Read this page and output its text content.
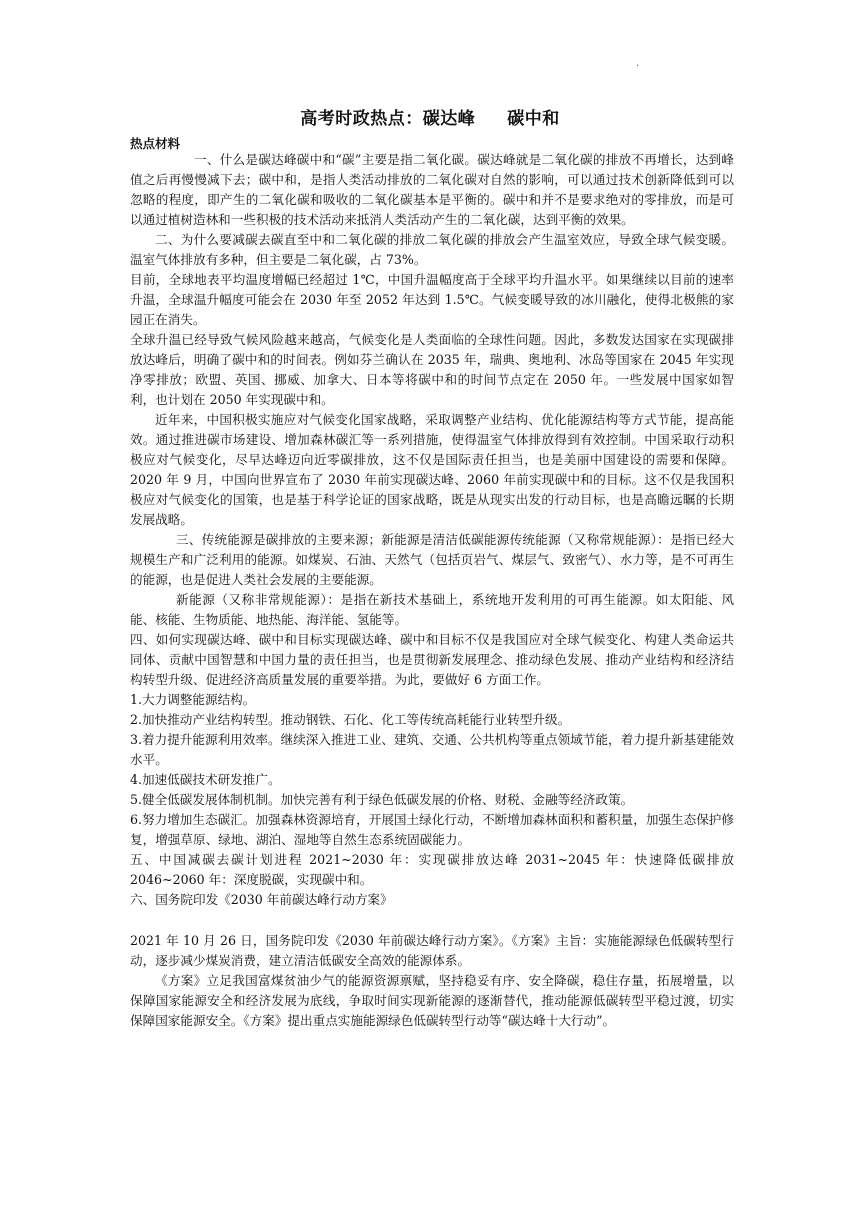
.
高考时政热点：碳达峰 碳中和
热点材料

一、什么是碳达峰碳中和“碳”主要是指二氧化碳。碳达峰就是二氧化碳的排放不再增长，达到峰值之后再慢慢减下去；碳中和，是指人类活动排放的二氧化碳对自然的影响，可以通过技术创新降低到可以忽略的程度，即产生的二氧化碳和吸收的二氧化碳基本是平衡的。碳中和并不是要求绝对的零排放，而是可以通过植树造林和一些积极的技术活动来抵消人类活动产生的二氧化碳，达到平衡的效果。

二、为什么要减碳去碳直至中和二氧化碳的排放二氧化碳的排放会产生温室效应，导致全球气候变暖。温室气体排放有多种，但主要是二氧化碳，占 73%。

目前，全球地表平均温度增幅已经超过 1℃，中国升温幅度高于全球平均升温水平。如果继续以目前的速率升温，全球温升幅度可能会在 2030 年至 2052 年达到 1.5℃。气候变暖导致的冰川融化，使得北极熊的家园正在消失。

全球升温已经导致气候风险越来越高，气候变化是人类面临的全球性问题。因此，多数发达国家在实现碳排放达峰后，明确了碳中和的时间表。例如芬兰确认在 2035 年，瑞典、奥地利、冰岛等国家在 2045 年实现净零排放；欧盟、英国、挪威、加拿大、日本等将碳中和的时间节点定在 2050 年。一些发展中国家如智利，也计划在 2050 年实现碳中和。

近年来，中国积极实施应对气候变化国家战略，采取调整产业结构、优化能源结构等方式节能，提高能效。通过推进碳市场建设、增加森林碳汇等一系列措施，使得温室气体排放得到有效控制。中国采取行动积极应对气候变化，尽早达峰迈向近零碳排放，这不仅是国际责任担当，也是美丽中国建设的需要和保障。2020 年 9 月，中国向世界宣布了 2030 年前实现碳达峰、2060 年前实现碳中和的目标。这不仅是我国积极应对气候变化的国策，也是基于科学论证的国家战略，既是从现实出发的行动目标，也是高瞻远瞩的长期发展战略。

三、传统能源是碳排放的主要来源；新能源是清洁低碳能源传统能源（又称常规能源）：是指已经大规模生产和广泛利用的能源。如煤炭、石油、天然气（包括页岩气、煤层气、致密气）、水力等，是不可再生的能源，也是促进人类社会发展的主要能源。

新能源（又称非常规能源）：是指在新技术基础上，系统地开发利用的可再生能源。如太阳能、风能、核能、生物质能、地热能、海洋能、氢能等。

四、如何实现碳达峰、碳中和目标实现碳达峰、碳中和目标不仅是我国应对全球气候变化、构建人类命运共同体、贡献中国智慧和中国力量的责任担当，也是贯彻新发展理念、推动绿色发展、推动产业结构和经济结构转型升级、促进经济高质量发展的重要举措。为此，要做好 6 方面工作。

1.大力调整能源结构。

2.加快推动产业结构转型。推动钢铁、石化、化工等传统高耗能行业转型升级。

3.着力提升能源利用效率。继续深入推进工业、建筑、交通、公共机构等重点领域节能，着力提升新基建能效水平。

4.加速低碳技术研发推广。

5.健全低碳发展体制机制。加快完善有利于绿色低碳发展的价格、财税、金融等经济政策。

6.努力增加生态碳汇。加强森林资源培育，开展国土绿化行动，不断增加森林面积和蓄积量，加强生态保护修复，增强草原、绿地、湖泊、湿地等自然生态系统固碳能力。

五、中国减碳去碳计划进程 2021~2030 年：实现碳排放达峰 2031~2045 年：快速降低碳排放 2046~2060 年：深度脱碳，实现碳中和。

六、国务院印发《2030 年前碳达峰行动方案》

2021 年 10 月 26 日，国务院印发《2030 年前碳达峰行动方案》。《方案》主旨：实施能源绿色低碳转型行动，逐步减少煤炭消费，建立清洁低碳安全高效的能源体系。

《方案》立足我国富煤贫油少气的能源资源禀赋，坚持稳妥有序、安全降碳，稳住存量，拓展增量，以保障国家能源安全和经济发展为底线，争取时间实现新能源的逐渐替代，推动能源低碳转型平稳过渡，切实保障国家能源安全。《方案》提出重点实施能源绿色低碳转型行动等“碳达峰十大行动”。
